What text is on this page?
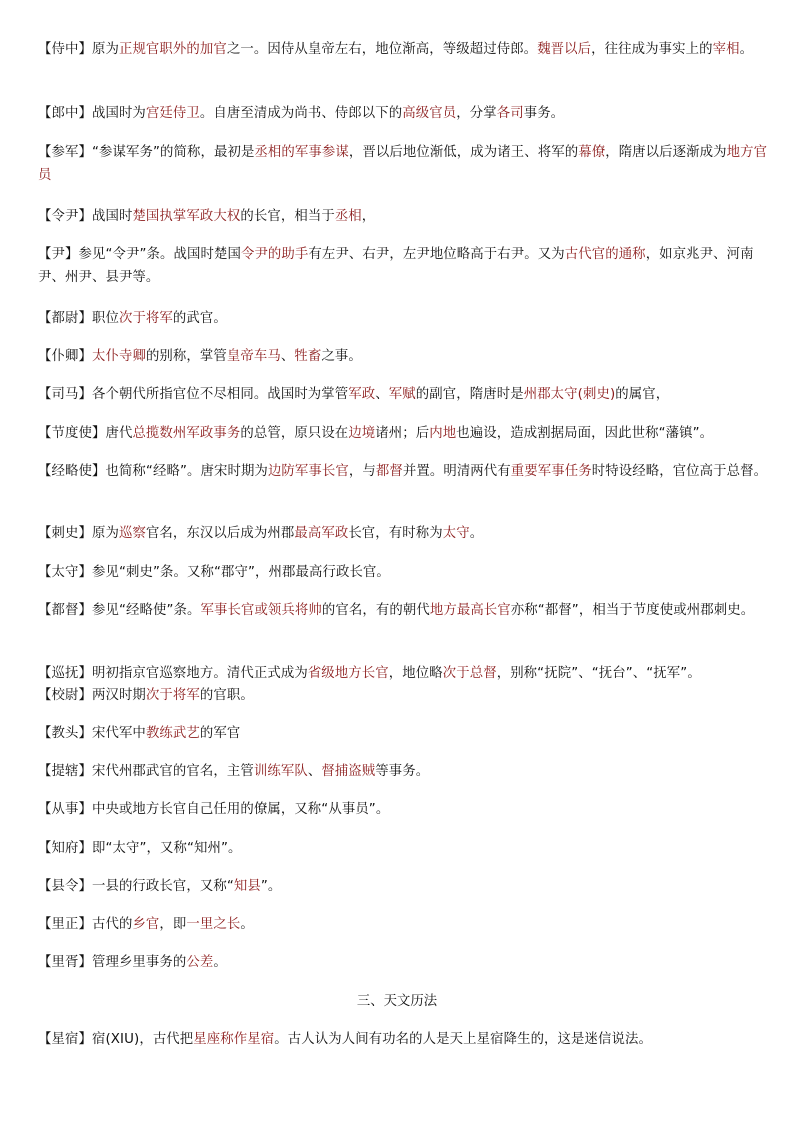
【侍中】原为正规官职外的加官之一。因侍从皇帝左右，地位渐高，等级超过侍郎。魏晋以后，往往成为事实上的宰相。
【郎中】战国时为宫廷侍卫。自唐至清成为尚书、侍郎以下的高级官员，分掌各司事务。
【参军】“参谋军务”的简称，最初是丞相的军事参谋，晋以后地位渐低，成为诸王、将军的幕僚，隋唐以后逐渐成为地方官员
【令尹】战国时楚国执掌军政大权的长官，相当于丞相，
【尹】参见“令尹”条。战国时楚国令尹的助手有左尹、右尹，左尹地位略高于右尹。又为古代官的通称，如京兆尹、河南尹、州尹、县尹等。
【都尉】职位次于将军的武官。
【仆卿】太仆寺卿的别称，掌管皇帝车马、牲畜之事。
【司马】各个朝代所指官位不尽相同。战国时为掌管军政、军赋的副官，隋唐时是州郡太守(刺史)的属官，
【节度使】唐代总揽数州军政事务的总管，原只设在边境诸州；后内地也遍设，造成割据局面，因此世称“藩镇”。
【经略使】也简称“经略”。唐宋时期为边防军事长官，与都督并置。明清两代有重要军事任务时特设经略，官位高于总督。
【刺史】原为巡察官名，东汉以后成为州郡最高军政长官，有时称为太守。
【太守】参见“刺史”条。又称“郡守”，州郡最高行政长官。
【都督】参见“经略使”条。军事长官或领兵将帅的官名，有的朝代地方最高长官亦称“都督”，相当于节度使或州郡刺史。
【巡抚】明初指京官巡察地方。清代正式成为省级地方长官，地位略次于总督，别称“抚院”、“抚台”、“抚军”。
【校尉】两汉时期次于将军的官职。
【教头】宋代军中教练武艺的军官
【提辖】宋代州郡武官的官名，主管训练军队、督捕盗贼等事务。
【从事】中央或地方长官自己任用的僚属，又称“从事员”。
【知府】即“太守”，又称“知州”。
【县令】一县的行政长官，又称“知县”。
【里正】古代的乡官，即一里之长。
【里胥】管理乡里事务的公差。
【星宿】宿(XIU)，古代把星座称作星宿。古人认为人间有功名的人是天上星宿降生的，这是迷信说法。
三、天文历法
